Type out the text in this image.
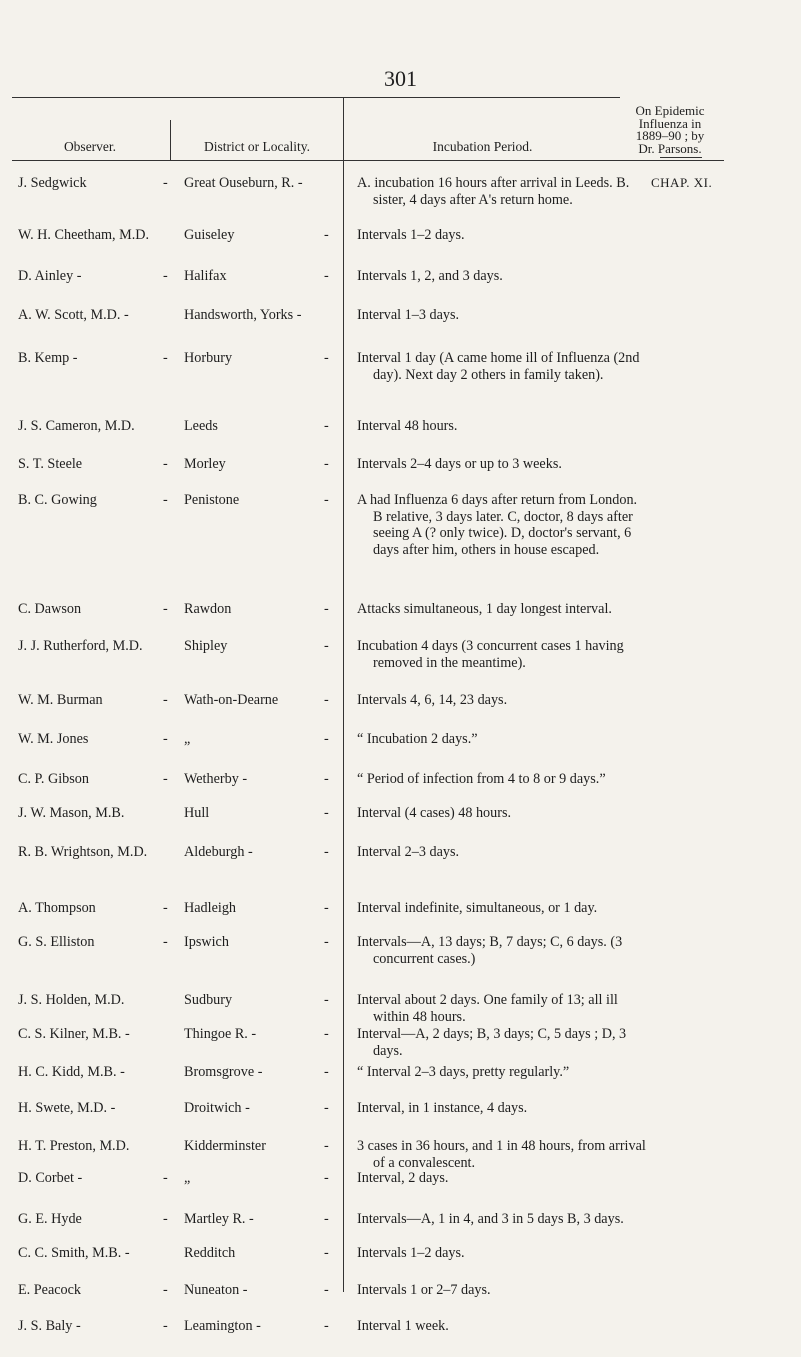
301
Observer.	District or Locality.	Incubation Period.
On Epidemic
Influenza in
1889–90 ; by
Dr. Parsons.
CHAP. XI.
J. Sedgwick	- Great Ouseburn, R. -	A. incubation 16 hours after arrival in Leeds. B. sister, 4 days after A's return home.

W. H. Cheetham, M.D.	Guiseley	- Intervals 1–2 days.

D. Ainley -	- Halifax	- Intervals 1, 2, and 3 days.

A. W. Scott, M.D. -	Handsworth, Yorks -	Interval 1–3 days.

B. Kemp -	- Horbury	- Interval 1 day (A came home ill of Influenza (2nd day). Next day 2 others in family taken).

J. S. Cameron, M.D.	Leeds	- Interval 48 hours.

S. T. Steele	- Morley	- Intervals 2–4 days or up to 3 weeks.

B. C. Gowing	- Penistone	- A had Influenza 6 days after return from London. B relative, 3 days later. C, doctor, 8 days after seeing A (? only twice). D, doctor's servant, 6 days after him, others in house escaped.

C. Dawson	- Rawdon	- Attacks simultaneous, 1 day longest interval.

J. J. Rutherford, M.D.	Shipley	- Incubation 4 days (3 concurrent cases 1 having removed in the meantime).

W. M. Burman	- Wath-on-Dearne	- Intervals 4, 6, 14, 23 days.

W. M. Jones	- „	- “ Incubation 2 days.”

C. P. Gibson	- Wetherby -	- “ Period of infection from 4 to 8 or 9 days.”

J. W. Mason, M.B.	Hull	- Interval (4 cases) 48 hours.

R. B. Wrightson, M.D.	Aldeburgh -	- Interval 2–3 days.

A. Thompson	- Hadleigh	- Interval indefinite, simultaneous, or 1 day.

G. S. Elliston	- Ipswich	- Intervals—A, 13 days; B, 7 days; C, 6 days. (3 concurrent cases.)

J. S. Holden, M.D.	Sudbury	- Interval about 2 days. One family of 13; all ill within 48 hours.

C. S. Kilner, M.B. -	Thingoe R. -	- Interval—A, 2 days; B, 3 days; C, 5 days ; D, 3 days.

H. C. Kidd, M.B. -	Bromsgrove -	- “ Interval 2–3 days, pretty regularly.”

H. Swete, M.D. -	Droitwich -	- Interval, in 1 instance, 4 days.

H. T. Preston, M.D.	Kidderminster	- 3 cases in 36 hours, and 1 in 48 hours, from arrival of a convalescent.

D. Corbet -	- „	- Interval, 2 days.

G. E. Hyde	- Martley R. -	- Intervals—A, 1 in 4, and 3 in 5 days B, 3 days.

C. C. Smith, M.B. -	Redditch	- Intervals 1–2 days.

E. Peacock	- Nuneaton -	- Intervals 1 or 2–7 days.

J. S. Baly -	- Leamington -	- Interval 1 week.
